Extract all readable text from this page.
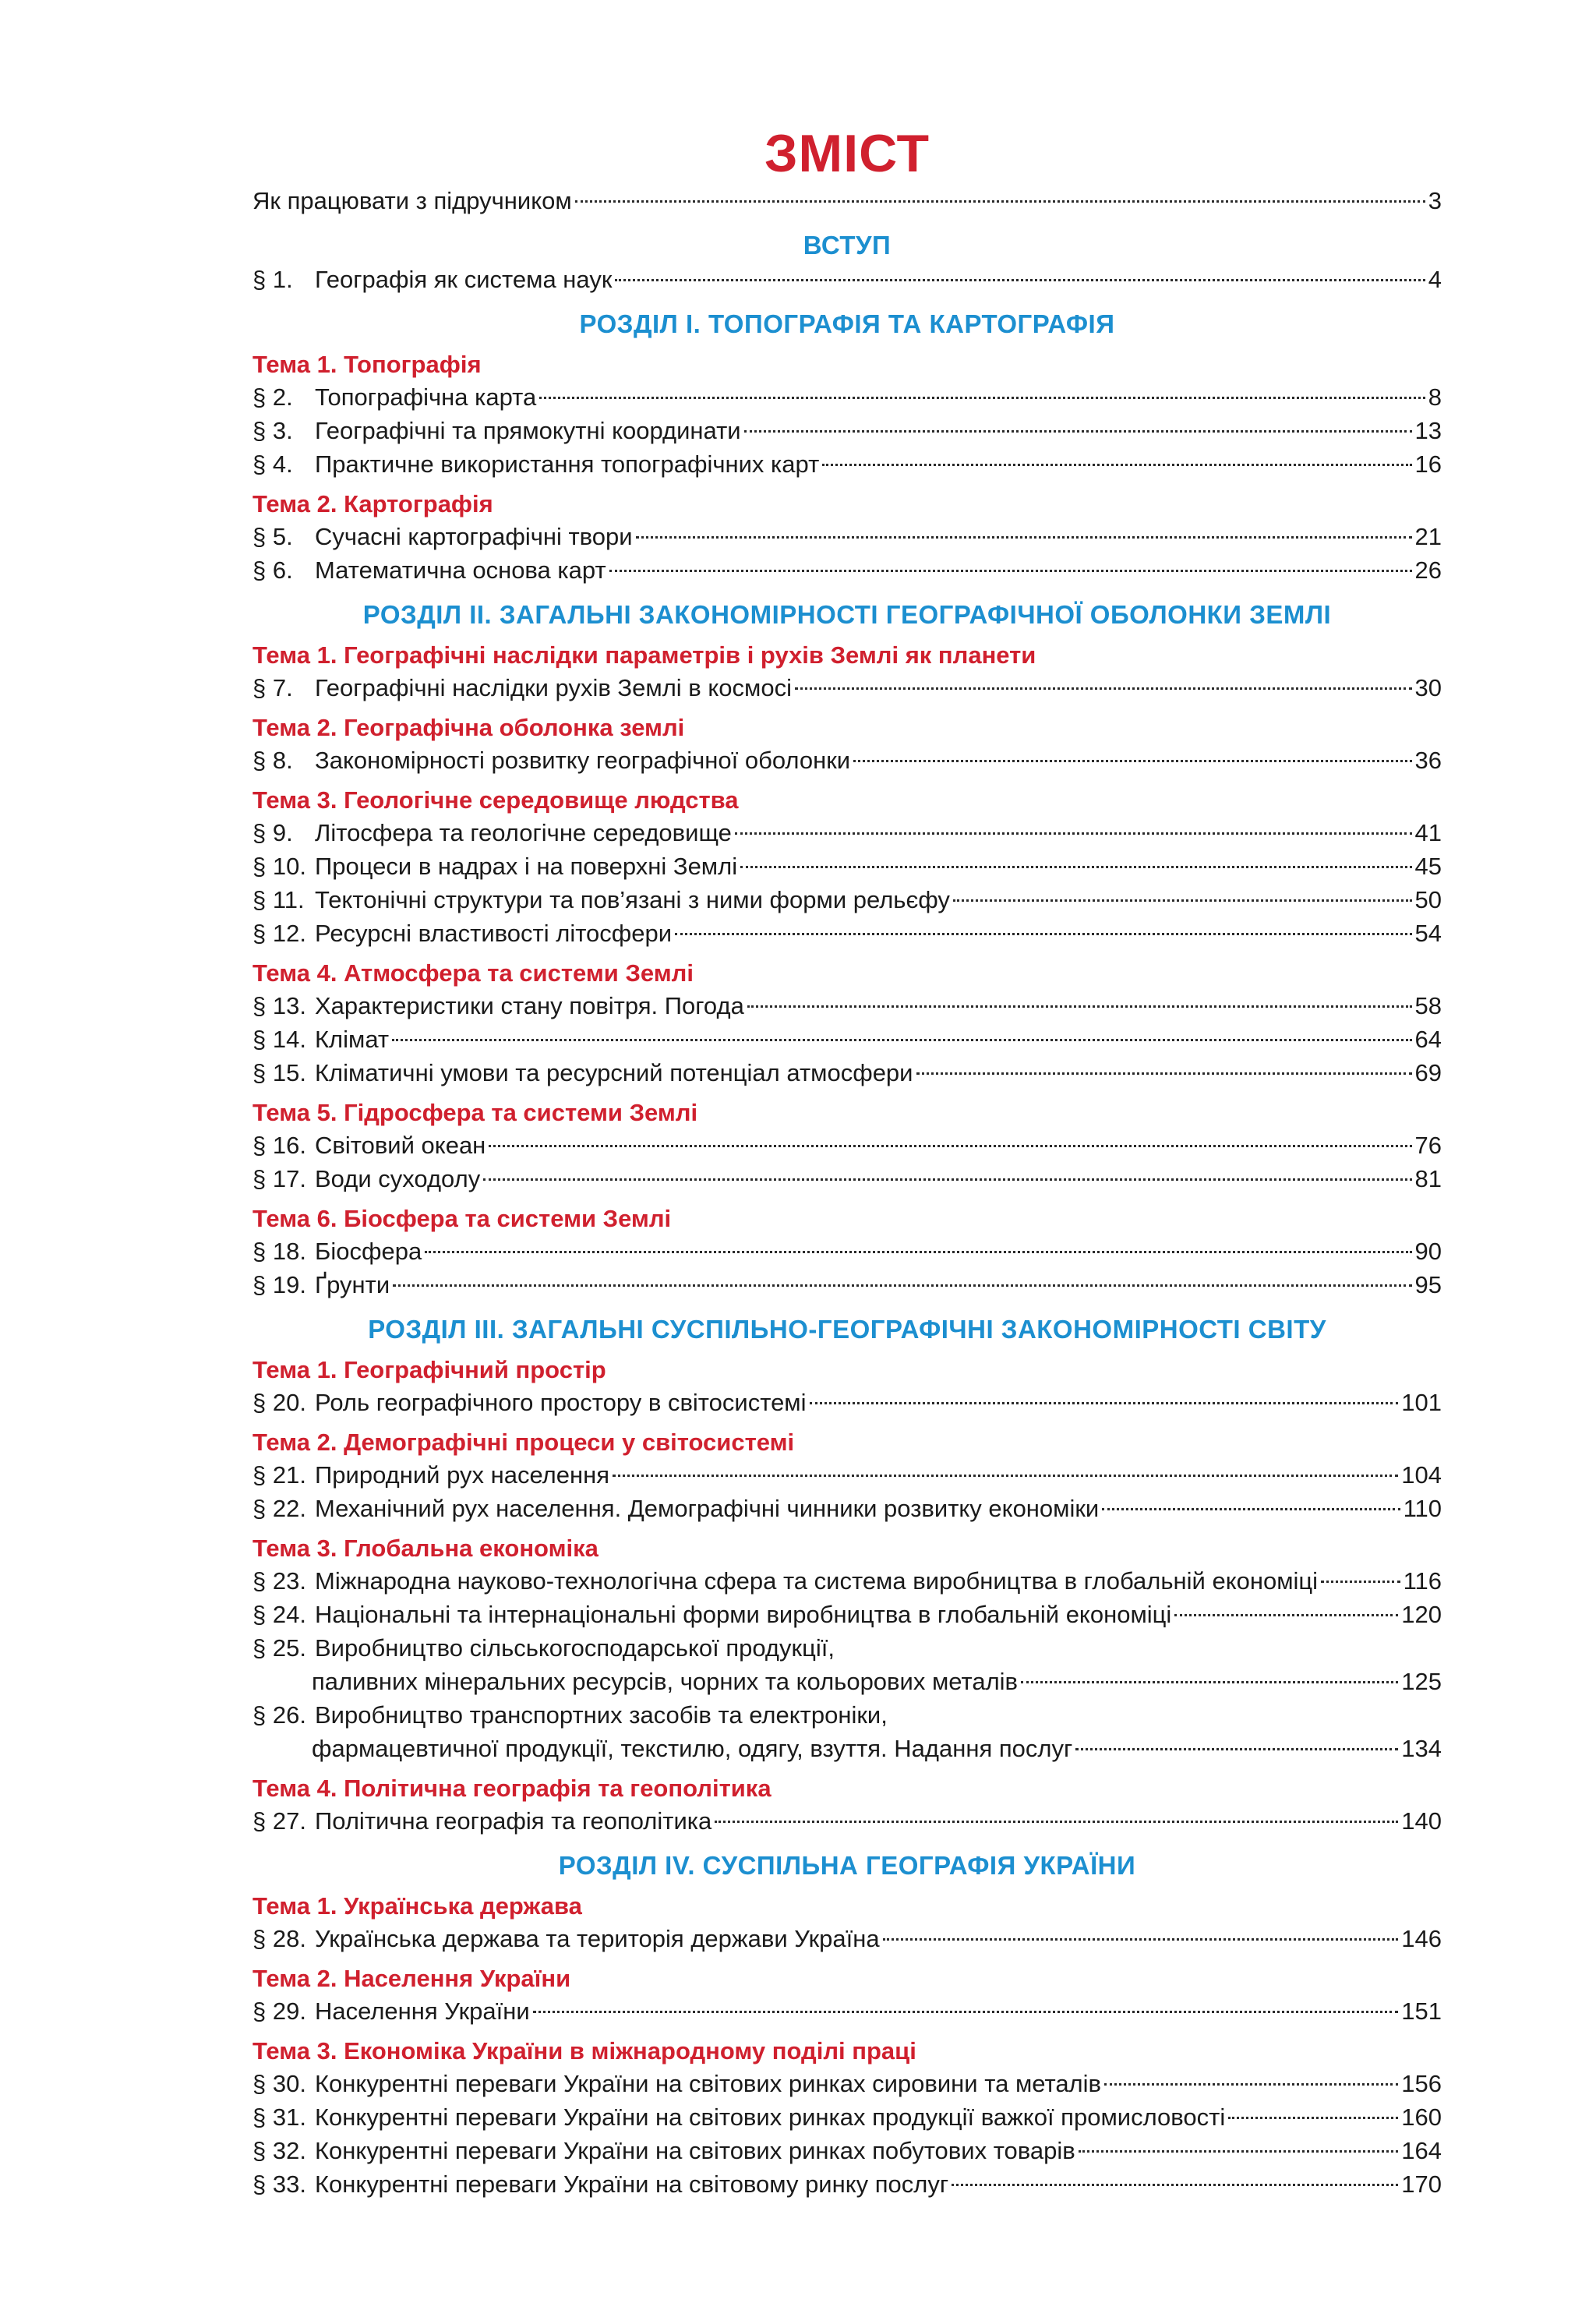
ЗМІСТ
Як працювати з підручником	3
ВСТУП
§ 1. Географія як система наук	4
РОЗДІЛ І. ТОПОГРАФІЯ ТА КАРТОГРАФІЯ
Тема 1. Топографія
§ 2. Топографічна карта	8
§ 3. Географічні та прямокутні координати	13
§ 4. Практичне використання топографічних карт	16
Тема 2. Картографія
§ 5. Сучасні картографічні твори	21
§ 6. Математична основа карт	26
РОЗДІЛ ІІ. ЗАГАЛЬНІ ЗАКОНОМІРНОСТІ ГЕОГРАФІЧНОЇ ОБОЛОНКИ ЗЕМЛІ
Тема 1. Географічні наслідки параметрів і рухів Землі як планети
§ 7. Географічні наслідки рухів Землі в космосі	30
Тема 2. Географічна оболонка землі
§ 8. Закономірності розвитку географічної оболонки	36
Тема 3. Геологічне середовище людства
§ 9. Літосфера та геологічне середовище	41
§ 10. Процеси в надрах і на поверхні Землі	45
§ 11. Тектонічні структури та пов’язані з ними форми рельєфу	50
§ 12. Ресурсні властивості літосфери	54
Тема 4. Атмосфера та системи Землі
§ 13. Характеристики стану повітря. Погода	58
§ 14. Клімат	64
§ 15. Кліматичні умови та ресурсний потенціал атмосфери	69
Тема 5. Гідросфера та системи Землі
§ 16. Світовий океан	76
§ 17. Води суходолу	81
Тема 6. Біосфера та системи Землі
§ 18. Біосфера	90
§ 19. Ґрунти	95
РОЗДІЛ ІІІ. ЗАГАЛЬНІ СУСПІЛЬНО-ГЕОГРАФІЧНІ ЗАКОНОМІРНОСТІ СВІТУ
Тема 1. Географічний простір
§ 20. Роль географічного простору в світосистемі	101
Тема 2. Демографічні процеси у світосистемі
§ 21. Природний рух населення	104
§ 22. Механічний рух населення. Демографічні чинники розвитку економіки	110
Тема 3. Глобальна економіка
§ 23. Міжнародна науково-технологічна сфера та система виробництва в глобальній економіці	116
§ 24. Національні та інтернаціональні форми виробництва в глобальній економіці	120
§ 25. Виробництво сільськогосподарської продукції,
паливних мінеральних ресурсів, чорних та кольорових металів	125
§ 26. Виробництво транспортних засобів та електроніки,
фармацевтичної продукції, текстилю, одягу, взуття. Надання послуг	134
Тема 4. Політична географія та геополітика
§ 27. Політична географія та геополітика	140
РОЗДІЛ IV. СУСПІЛЬНА ГЕОГРАФІЯ УКРАЇНИ
Тема 1. Українська держава
§ 28. Українська держава та територія держави Україна	146
Тема 2. Населення України
§ 29. Населення України	151
Тема 3. Економіка України в міжнародному поділі праці
§ 30. Конкурентні переваги України на світових ринках сировини та металів	156
§ 31. Конкурентні переваги України на світових ринках продукції важкої промисловості	160
§ 32. Конкурентні переваги України на світових ринках побутових товарів	164
§ 33. Конкурентні переваги України на світовому ринку послуг	170
